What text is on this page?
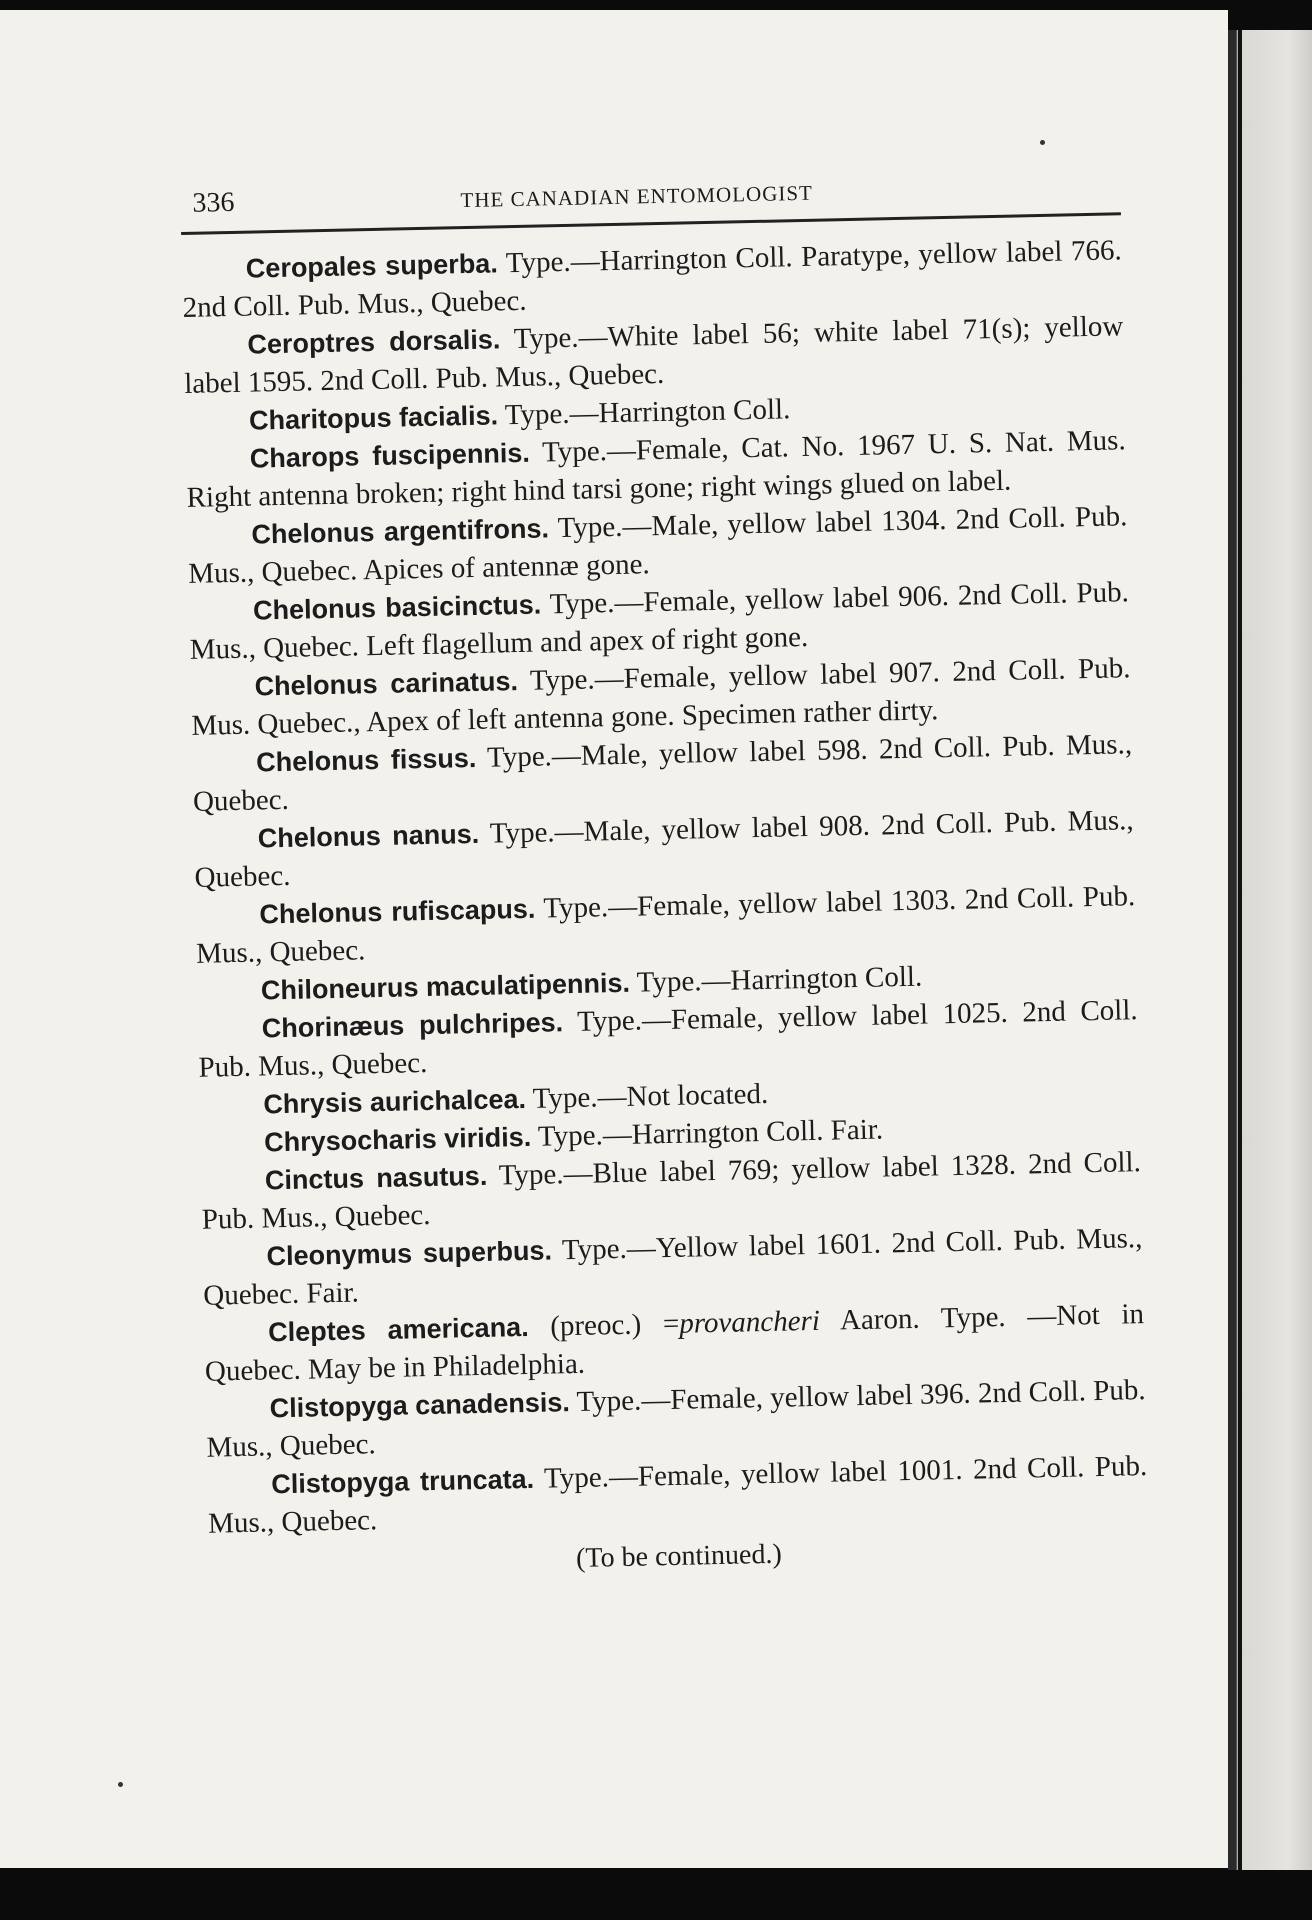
336	THE CANADIAN ENTOMOLOGIST

Ceropales superba. Type.—Harrington Coll. Paratype, yellow label 766. 2nd Coll. Pub. Mus., Quebec.

Ceroptres dorsalis. Type.—White label 56; white label 71(s); yellow label 1595. 2nd Coll. Pub. Mus., Quebec.

Charitopus facialis. Type.—Harrington Coll.

Charops fuscipennis. Type.—Female, Cat. No. 1967 U. S. Nat. Mus. Right antenna broken; right hind tarsi gone; right wings glued on label.

Chelonus argentifrons. Type.—Male, yellow label 1304. 2nd Coll. Pub. Mus., Quebec. Apices of antennæ gone.

Chelonus basicinctus. Type.—Female, yellow label 906. 2nd Coll. Pub. Mus., Quebec. Left flagellum and apex of right gone.

Chelonus carinatus. Type.—Female, yellow label 907. 2nd Coll. Pub. Mus. Quebec., Apex of left antenna gone. Specimen rather dirty.

Chelonus fissus. Type.—Male, yellow label 598. 2nd Coll. Pub. Mus., Quebec.

Chelonus nanus. Type.—Male, yellow label 908. 2nd Coll. Pub. Mus., Quebec.

Chelonus rufiscapus. Type.—Female, yellow label 1303. 2nd Coll. Pub. Mus., Quebec.

Chiloneurus maculatipennis. Type.—Harrington Coll.

Chorinæus pulchripes. Type.—Female, yellow label 1025. 2nd Coll. Pub. Mus., Quebec.

Chrysis aurichalcea. Type.—Not located.

Chrysocharis viridis. Type.—Harrington Coll. Fair.

Cinctus nasutus. Type.—Blue label 769; yellow label 1328. 2nd Coll. Pub. Mus., Quebec.

Cleonymus superbus. Type.—Yellow label 1601. 2nd Coll. Pub. Mus., Quebec. Fair.

Cleptes americana. (preoc.) =provancheri Aaron. Type. —Not in Quebec. May be in Philadelphia.

Clistopyga canadensis. Type.—Female, yellow label 396. 2nd Coll. Pub. Mus., Quebec.

Clistopyga truncata. Type.—Female, yellow label 1001. 2nd Coll. Pub. Mus., Quebec.

(To be continued.)
